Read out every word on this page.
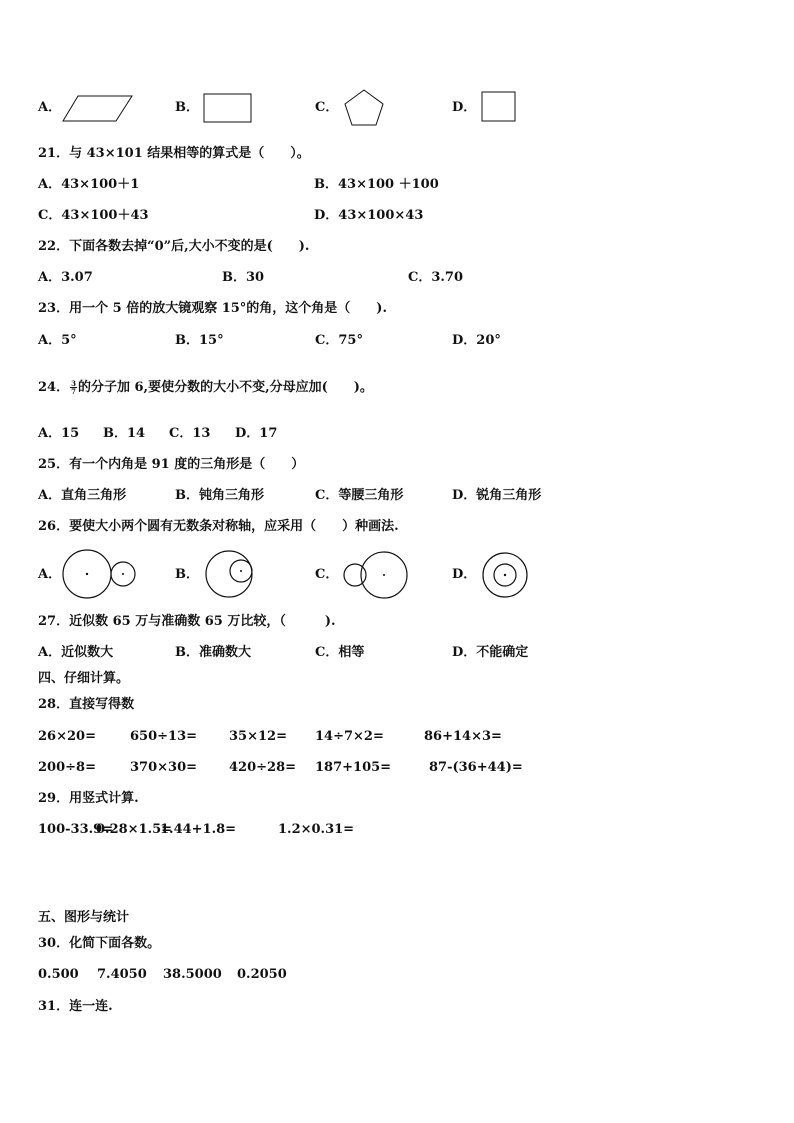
A．	B．	C．	D．
21．与 43×101 结果相等的算式是（　　）。
A．43×100＋1	B．43×100 ＋100
C．43×100＋43	D．43×100×43
22．下面各数去掉“0”后,大小不变的是(　　).
A．3.07	B．30	C．3.70
23．用一个 5 倍的放大镜观察 15°的角，这个角是（　　).
A．5°	B．15°	C．75°	D．20°
24． $\frac{3}{7}$ 的分子加 6,要使分数的大小不变,分母应加(　　)。
A．15 B．14 C．13 D．17
25．有一个内角是 91 度的三角形是（　　）
A．直角三角形	B．钝角三角形	C．等腰三角形	D．锐角三角形
26．要使大小两个圆有无数条对称轴，应采用（　　）种画法.
A．	B．	C．	D．
27．近似数 65 万与准确数 65 万比较，（　　　).
A．近似数大	B．准确数大	C．相等	D．不能确定
四、仔细计算。
28．直接写得数
26×20=	650÷13= 35×12= 14÷7×2=	86+14×3=
200÷8=	370×30= 420÷28= 187+105=	87-(36+44)=
29．用竖式计算.
100-33.9=
0.28×1.5=
1.44+1.8=	1.2×0.31=
五、图形与统计
30．化简下面各数。
0.500 7.4050 38.5000 0.2050
31．连一连.
